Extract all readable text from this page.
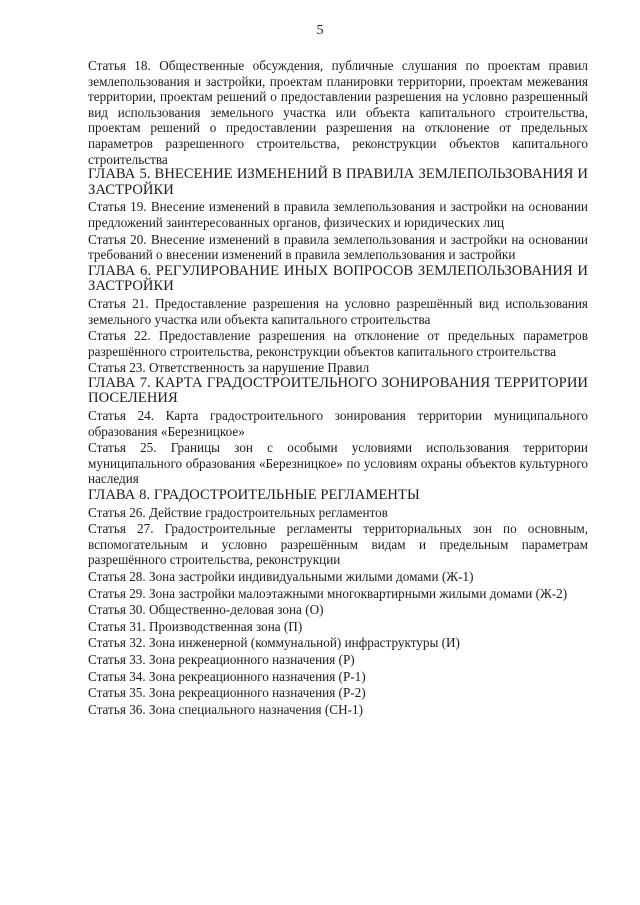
5

Статья 18. Общественные обсуждения, публичные слушания по проектам правил землепользования и застройки, проектам планировки территории, проектам межевания территории, проектам решений о предоставлении разрешения на условно разрешенный вид использования земельного участка или объекта капитального строительства, проектам решений о предоставлении разрешения на отклонение от предельных параметров разрешенного строительства, реконструкции объектов капитального строительства

ГЛАВА 5. ВНЕСЕНИЕ ИЗМЕНЕНИЙ В ПРАВИЛА ЗЕМЛЕПОЛЬЗОВАНИЯ И ЗАСТРОЙКИ

Статья 19. Внесение изменений в правила землепользования и застройки на основании предложений заинтересованных органов, физических и юридических лиц

Статья 20. Внесение изменений в правила землепользования и застройки на основании требований о внесении изменений в правила землепользования и застройки

ГЛАВА 6. РЕГУЛИРОВАНИЕ ИНЫХ ВОПРОСОВ ЗЕМЛЕПОЛЬЗОВАНИЯ И ЗАСТРОЙКИ

Статья 21. Предоставление разрешения на условно разрешённый вид использования земельного участка или объекта капитального строительства

Статья 22. Предоставление разрешения на отклонение от предельных параметров разрешённого строительства, реконструкции объектов капитального строительства

Статья 23. Ответственность за нарушение Правил

ГЛАВА 7. КАРТА ГРАДОСТРОИТЕЛЬНОГО ЗОНИРОВАНИЯ ТЕРРИТОРИИ ПОСЕЛЕНИЯ

Статья 24. Карта градостроительного зонирования территории муниципального образования «Березницкое»

Статья 25. Границы зон с особыми условиями использования территории муниципального образования «Березницкое» по условиям охраны объектов культурного наследия

ГЛАВА 8. ГРАДОСТРОИТЕЛЬНЫЕ РЕГЛАМЕНТЫ

Статья 26. Действие градостроительных регламентов

Статья 27. Градостроительные регламенты территориальных зон по основным, вспомогательным и условно разрешённым видам и предельным параметрам разрешённого строительства, реконструкции

Статья 28. Зона застройки индивидуальными жилыми домами (Ж-1)

Статья 29. Зона застройки малоэтажными многоквартирными жилыми домами (Ж-2)

Статья 30. Общественно-деловая зона (О)

Статья 31. Производственная зона (П)

Статья 32. Зона инженерной (коммунальной) инфраструктуры (И)

Статья 33. Зона рекреационного назначения (Р)

Статья 34. Зона рекреационного назначения (Р-1)

Статья 35. Зона рекреационного назначения (Р-2)

Статья 36. Зона специального назначения (СН-1)
